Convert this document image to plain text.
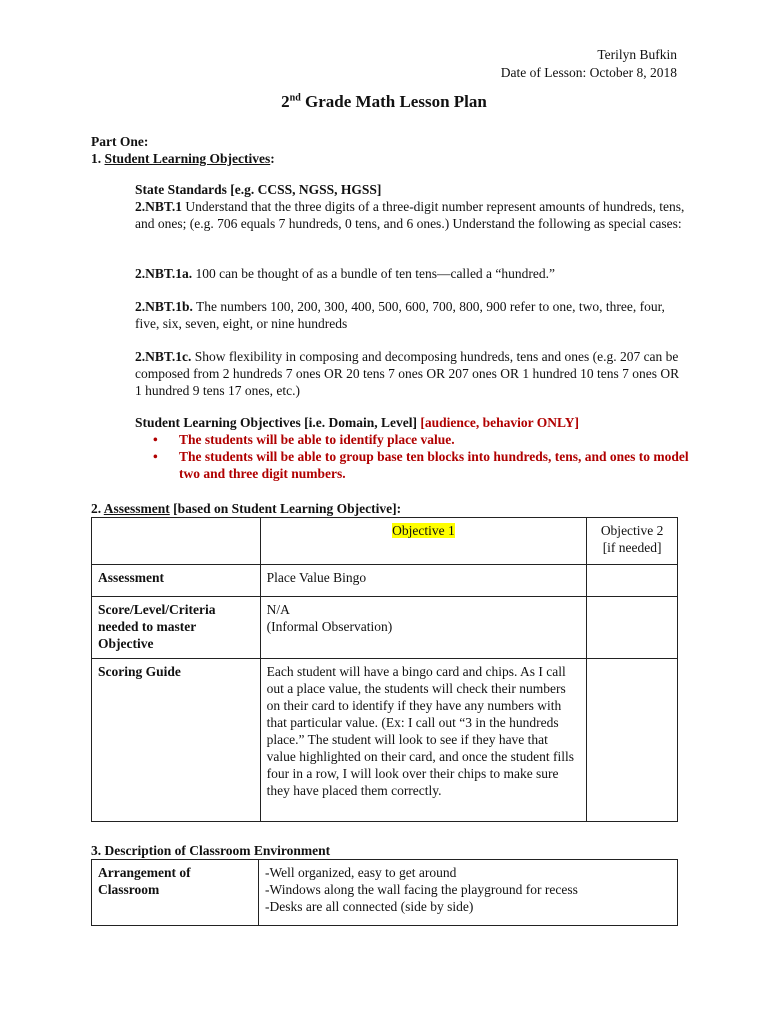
Terilyn Bufkin
Date of Lesson: October 8, 2018
2nd Grade Math Lesson Plan
Part One:
1. Student Learning Objectives:
State Standards [e.g. CCSS, NGSS, HGSS]
2.NBT.1 Understand that the three digits of a three-digit number represent amounts of hundreds, tens, and ones; (e.g. 706 equals 7 hundreds, 0 tens, and 6 ones.) Understand the following as special cases:
2.NBT.1a. 100 can be thought of as a bundle of ten tens—called a “hundred.”
2.NBT.1b. The numbers 100, 200, 300, 400, 500, 600, 700, 800, 900 refer to one, two, three, four, five, six, seven, eight, or nine hundreds
2.NBT.1c. Show flexibility in composing and decomposing hundreds, tens and ones (e.g. 207 can be composed from 2 hundreds 7 ones OR 20 tens 7 ones OR 207 ones OR 1 hundred 10 tens 7 ones OR 1 hundred 9 tens 17 ones, etc.)
Student Learning Objectives [i.e. Domain, Level] [audience, behavior ONLY]
• The students will be able to identify place value.
• The students will be able to group base ten blocks into hundreds, tens, and ones to model two and three digit numbers.
2. Assessment [based on Student Learning Objective]:
	Objective 1	Objective 2 [if needed]
Assessment	Place Value Bingo	
Score/Level/Criteria needed to master Objective	N/A
(Informal Observation)	

Scoring Guide	Each student will have a bingo card and chips. As I call out a place value, the students will check their numbers on their card to identify if they have any numbers with that particular value. (Ex: I call out “3 in the hundreds place.” The student will look to see if they have that value highlighted on their card, and once the student fills four in a row, I will look over their chips to make sure they have placed them correctly.	
3. Description of Classroom Environment
Arrangement of Classroom	
-Well organized, easy to get around
-Windows along the wall facing the playground for recess
-Desks are all connected (side by side)
